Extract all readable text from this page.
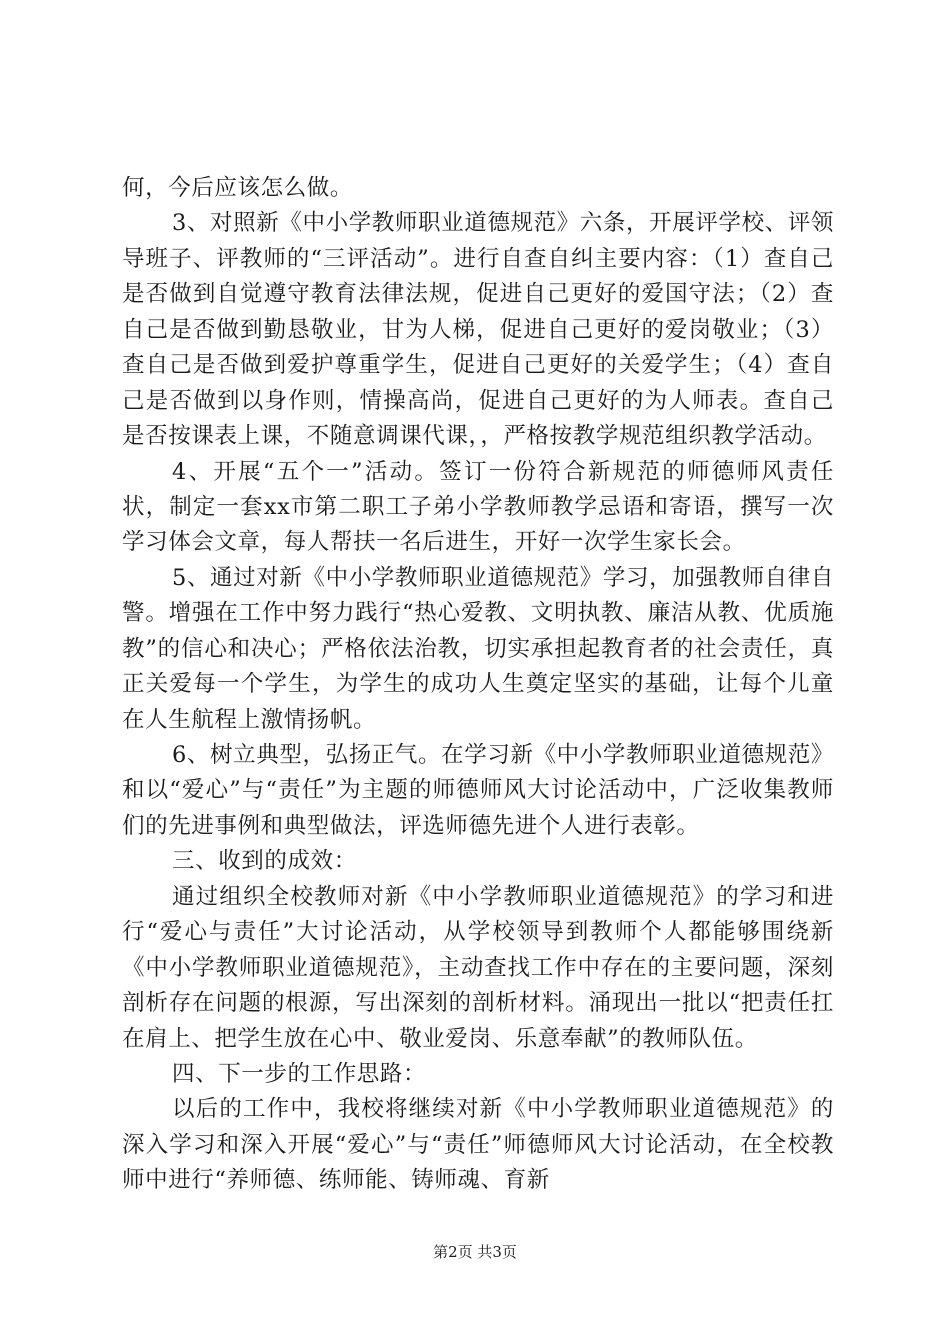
何，今后应该怎么做。

3、对照新《中小学教师职业道德规范》六条，开展评学校、评领导班子、评教师的“三评活动”。进行自查自纠主要内容：（1）查自己是否做到自觉遵守教育法律法规，促进自己更好的爱国守法；（2）查自己是否做到勤恳敬业，甘为人梯，促进自己更好的爱岗敬业；（3）查自己是否做到爱护尊重学生，促进自己更好的关爱学生；（4）查自己是否做到以身作则，情操高尚，促进自己更好的为人师表。查自己是否按课表上课，不随意调课代课，，严格按教学规范组织教学活动。

4、开展“五个一”活动。签订一份符合新规范的师德师风责任状，制定一套xx市第二职工子弟小学教师教学忌语和寄语，撰写一次学习体会文章，每人帮扶一名后进生，开好一次学生家长会。

5、通过对新《中小学教师职业道德规范》学习，加强教师自律自警。增强在工作中努力践行“热心爱教、文明执教、廉洁从教、优质施教”的信心和决心；严格依法治教，切实承担起教育者的社会责任，真正关爱每一个学生，为学生的成功人生奠定坚实的基础，让每个儿童在人生航程上激情扬帆。

6、树立典型，弘扬正气。在学习新《中小学教师职业道德规范》和以“爱心”与“责任”为主题的师德师风大讨论活动中，广泛收集教师们的先进事例和典型做法，评选师德先进个人进行表彰。

三、收到的成效：

通过组织全校教师对新《中小学教师职业道德规范》的学习和进行“爱心与责任”大讨论活动，从学校领导到教师个人都能够围绕新《中小学教师职业道德规范》，主动查找工作中存在的主要问题，深刻剖析存在问题的根源，写出深刻的剖析材料。涌现出一批以“把责任扛在肩上、把学生放在心中、敬业爱岗、乐意奉献”的教师队伍。

四、下一步的工作思路：

以后的工作中，我校将继续对新《中小学教师职业道德规范》的深入学习和深入开展“爱心”与“责任”师德师风大讨论活动，在全校教师中进行“养师德、练师能、铸师魂、育新

第2页 共3页
